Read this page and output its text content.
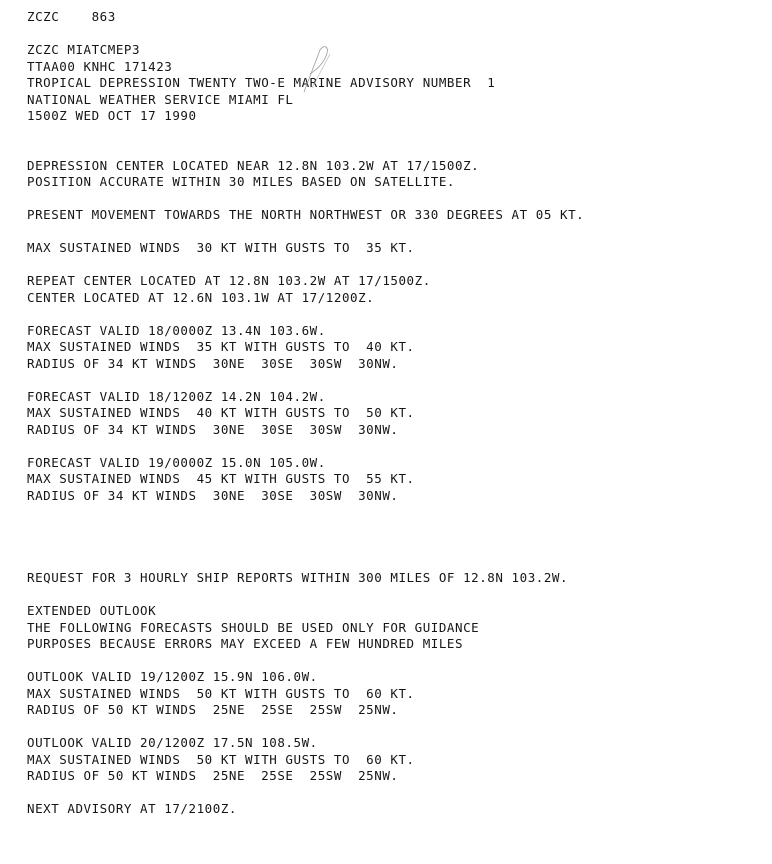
ZCZC    863
ZCZC MIATCMEP3
TTAA00 KNHC 171423
TROPICAL DEPRESSION TWENTY TWO-E MARINE ADVISORY NUMBER  1
NATIONAL WEATHER SERVICE MIAMI FL
1500Z WED OCT 17 1990
DEPRESSION CENTER LOCATED NEAR 12.8N 103.2W AT 17/1500Z.
POSITION ACCURATE WITHIN 30 MILES BASED ON SATELLITE.
PRESENT MOVEMENT TOWARDS THE NORTH NORTHWEST OR 330 DEGREES AT 05 KT.
MAX SUSTAINED WINDS  30 KT WITH GUSTS TO  35 KT.
REPEAT CENTER LOCATED AT 12.8N 103.2W AT 17/1500Z.
CENTER LOCATED AT 12.6N 103.1W AT 17/1200Z.
FORECAST VALID 18/0000Z 13.4N 103.6W.
MAX SUSTAINED WINDS  35 KT WITH GUSTS TO  40 KT.
RADIUS OF 34 KT WINDS  30NE  30SE  30SW  30NW.
FORECAST VALID 18/1200Z 14.2N 104.2W.
MAX SUSTAINED WINDS  40 KT WITH GUSTS TO  50 KT.
RADIUS OF 34 KT WINDS  30NE  30SE  30SW  30NW.
FORECAST VALID 19/0000Z 15.0N 105.0W.
MAX SUSTAINED WINDS  45 KT WITH GUSTS TO  55 KT.
RADIUS OF 34 KT WINDS  30NE  30SE  30SW  30NW.
REQUEST FOR 3 HOURLY SHIP REPORTS WITHIN 300 MILES OF 12.8N 103.2W.
EXTENDED OUTLOOK
THE FOLLOWING FORECASTS SHOULD BE USED ONLY FOR GUIDANCE
PURPOSES BECAUSE ERRORS MAY EXCEED A FEW HUNDRED MILES
OUTLOOK VALID 19/1200Z 15.9N 106.0W.
MAX SUSTAINED WINDS  50 KT WITH GUSTS TO  60 KT.
RADIUS OF 50 KT WINDS  25NE  25SE  25SW  25NW.
OUTLOOK VALID 20/1200Z 17.5N 108.5W.
MAX SUSTAINED WINDS  50 KT WITH GUSTS TO  60 KT.
RADIUS OF 50 KT WINDS  25NE  25SE  25SW  25NW.
NEXT ADVISORY AT 17/2100Z.
